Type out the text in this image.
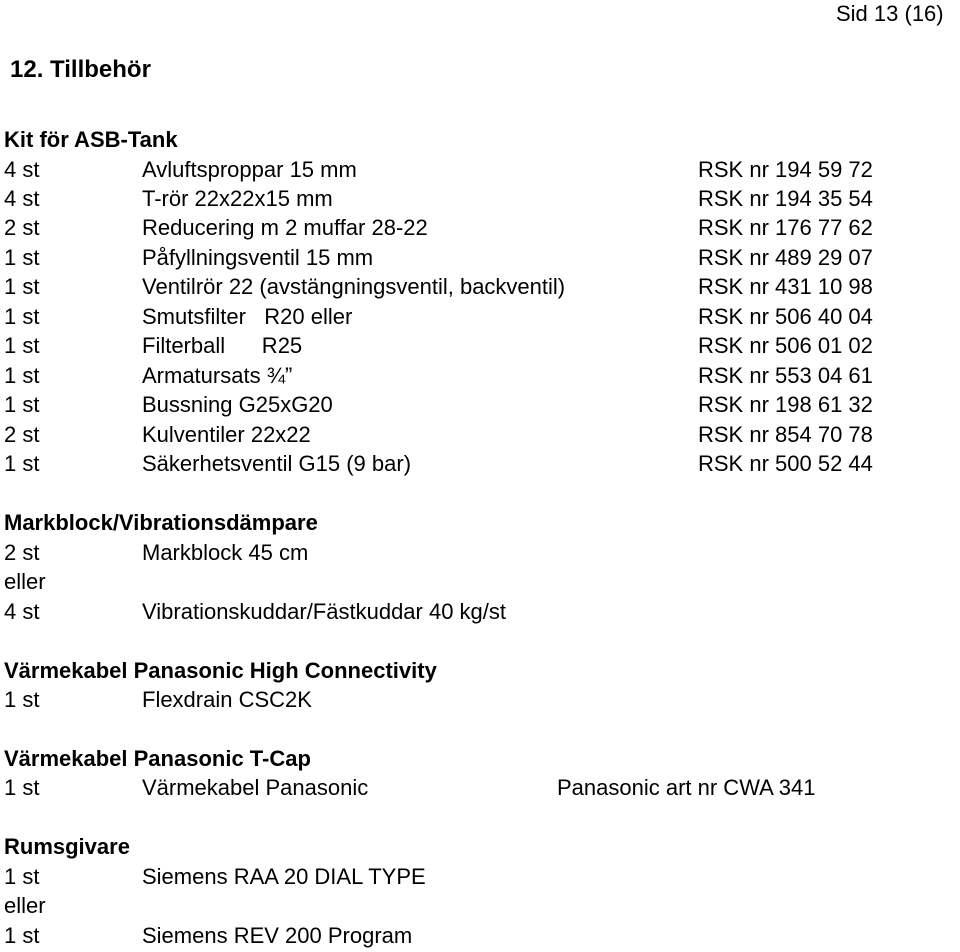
Sid 13 (16)
12. Tillbehör
Kit för ASB-Tank
4 st	Avluftsproppar 15 mm	RSK nr 194 59 72
4 st	T-rör 22x22x15 mm	RSK nr 194 35 54
2 st	Reducering m 2 muffar 28-22	RSK nr 176 77 62
1 st	Påfyllningsventil 15 mm	RSK nr 489 29 07
1 st	Ventilrör 22 (avstängningsventil, backventil)	RSK nr 431 10 98
1 st	Smutsfilter   R20 eller	RSK nr 506 40 04
1 st	Filterball      R25	RSK nr 506 01 02
1 st	Armatursats ¾”	RSK nr 553 04 61
1 st	Bussning G25xG20	RSK nr 198 61 32
2 st	Kulventiler 22x22	RSK nr 854 70 78
1 st	Säkerhetsventil G15 (9 bar)	RSK nr 500 52 44
Markblock/Vibrationsdämpare
2 st	Markblock 45 cm
eller
4 st	Vibrationskuddar/Fästkuddar 40 kg/st
Värmekabel Panasonic High Connectivity
1 st	Flexdrain CSC2K
Värmekabel Panasonic T-Cap
1 st	Värmekabel Panasonic	Panasonic art nr CWA 341
Rumsgivare
1 st	Siemens RAA 20 DIAL TYPE
eller
1 st	Siemens REV 200 Program
